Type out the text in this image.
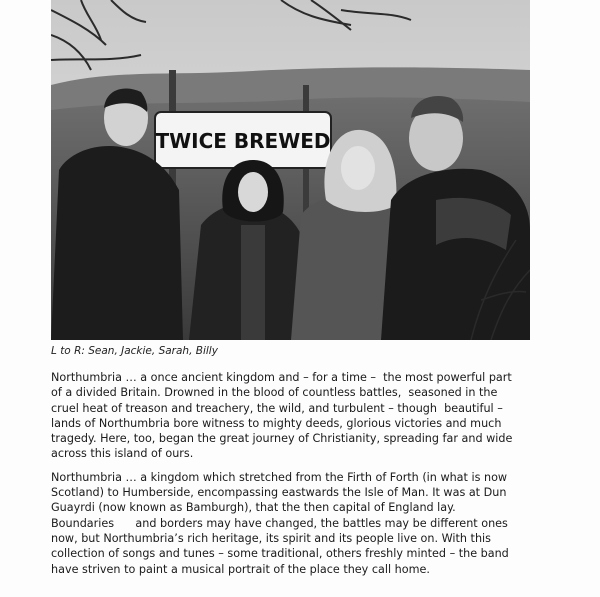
TWICE BREWED
L to R: Sean, Jackie, Sarah, Billy

Northumbria … a once ancient kingdom and – for a time –  the most powerful part
of a divided Britain. Drowned in the blood of countless battles,  seasoned in the
cruel heat of treason and treachery, the wild, and turbulent – though  beautiful –
lands of Northumbria bore witness to mighty deeds, glorious victories and much
tragedy. Here, too, began the great journey of Christianity, spreading far and wide
across this island of ours.

Northumbria … a kingdom which stretched from the Firth of Forth (in what is now
Scotland) to Humberside, encompassing eastwards the Isle of Man. It was at Dun
Guayrdi (now known as Bamburgh), that the then capital of England lay.
Boundaries      and borders may have changed, the battles may be different ones
now, but Northumbria’s rich heritage, its spirit and its people live on. With this
collection of songs and tunes – some traditional, others freshly minted – the band
have striven to paint a musical portrait of the place they call home.
